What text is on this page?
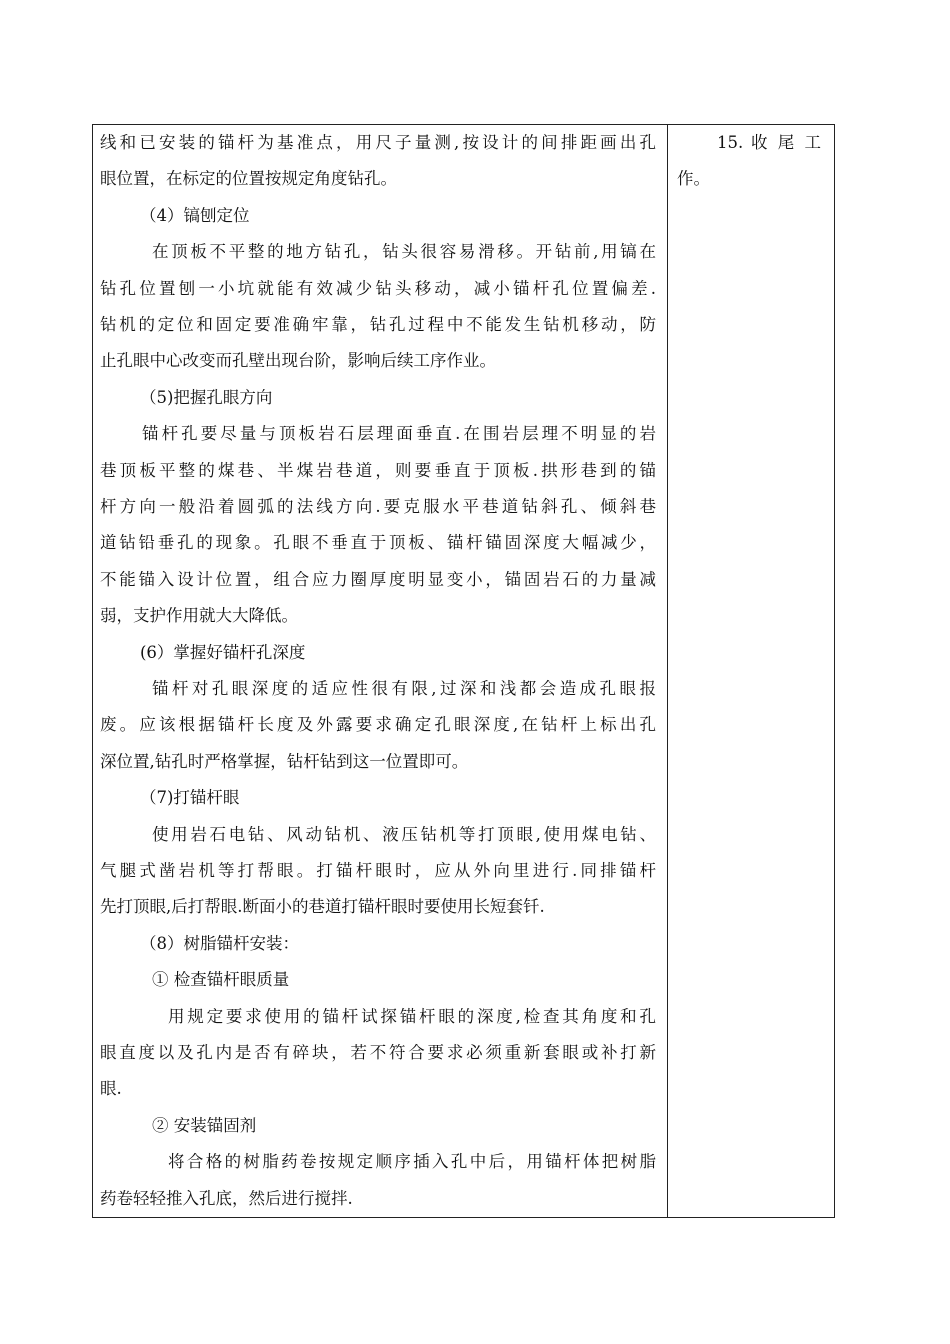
线和已安装的锚杆为基准点，用尺子量测,按设计的间排距画出孔
眼位置，在标定的位置按规定角度钻孔。
（4）镐刨定位
在顶板不平整的地方钻孔，钻头很容易滑移。开钻前,用镐在
钻孔位置刨一小坑就能有效减少钻头移动，减小锚杆孔位置偏差.
钻机的定位和固定要准确牢靠，钻孔过程中不能发生钻机移动，防
止孔眼中心改变而孔壁出现台阶，影响后续工序作业。
（5)把握孔眼方向
锚杆孔要尽量与顶板岩石层理面垂直.在围岩层理不明显的岩
巷顶板平整的煤巷、半煤岩巷道，则要垂直于顶板.拱形巷到的锚
杆方向一般沿着圆弧的法线方向.要克服水平巷道钻斜孔、倾斜巷
道钻铅垂孔的现象。孔眼不垂直于顶板、锚杆锚固深度大幅减少，
不能锚入设计位置，组合应力圈厚度明显变小，锚固岩石的力量减
弱，支护作用就大大降低。
(6）掌握好锚杆孔深度
锚杆对孔眼深度的适应性很有限,过深和浅都会造成孔眼报
废。应该根据锚杆长度及外露要求确定孔眼深度,在钻杆上标出孔
深位置,钻孔时严格掌握，钻杆钻到这一位置即可。
（7)打锚杆眼
使用岩石电钻、风动钻机、液压钻机等打顶眼,使用煤电钻、
气腿式凿岩机等打帮眼。打锚杆眼时，应从外向里进行.同排锚杆
先打顶眼,后打帮眼.断面小的巷道打锚杆眼时要使用长短套钎.
（8）树脂锚杆安装：
① 检查锚杆眼质量
用规定要求使用的锚杆试探锚杆眼的深度,检查其角度和孔
眼直度以及孔内是否有碎块，若不符合要求必须重新套眼或补打新
眼.
② 安装锚固剂
将合格的树脂药卷按规定顺序插入孔中后，用锚杆体把树脂
药卷轻轻推入孔底，然后进行搅拌.
15. 收 尾 工
作。
